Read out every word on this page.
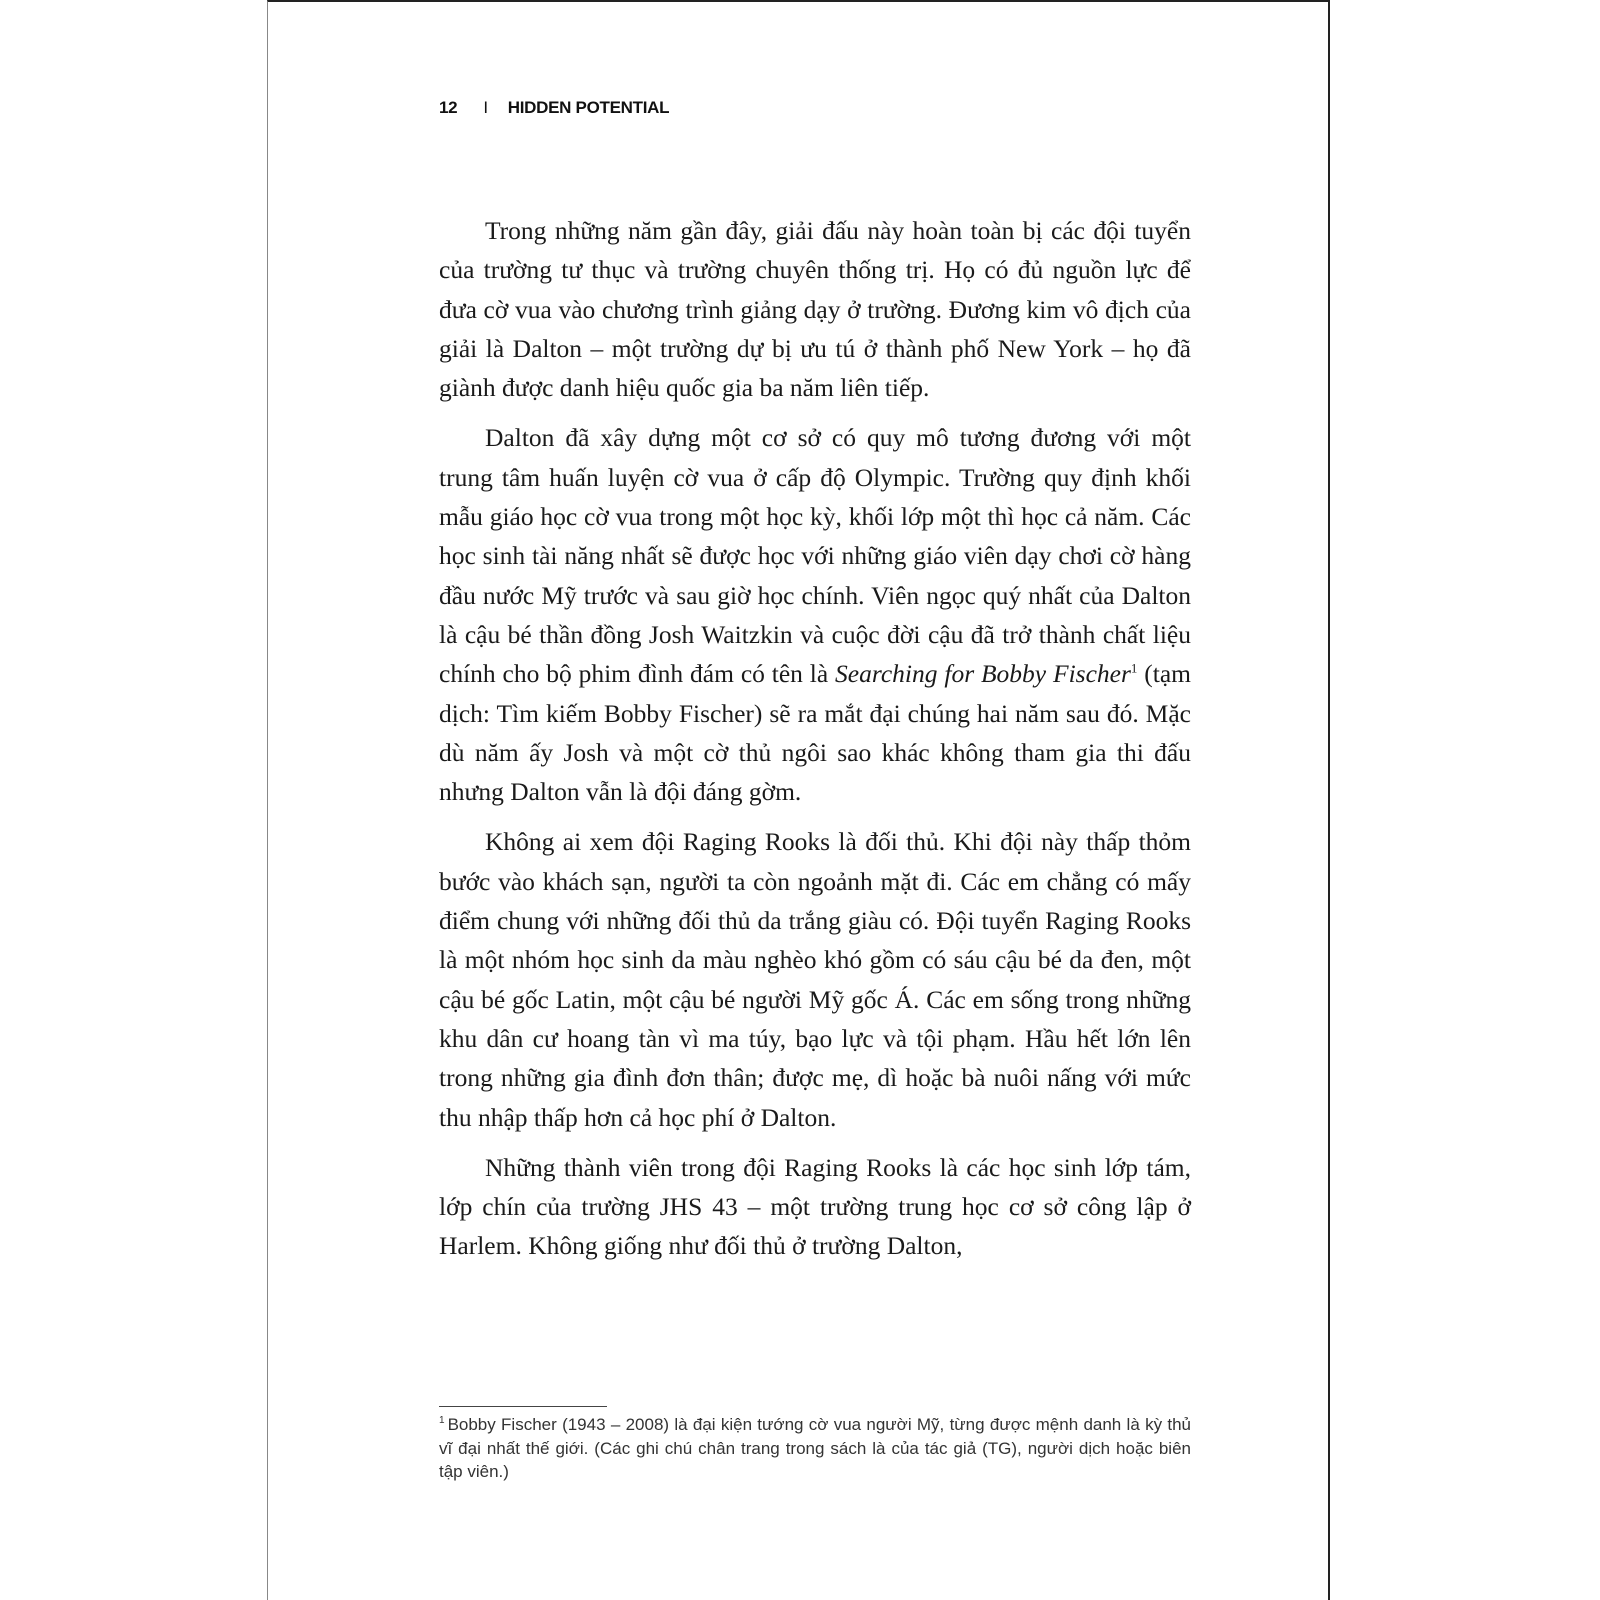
12 I HIDDEN POTENTIAL

Trong những năm gần đây, giải đấu này hoàn toàn bị các đội tuyển của trường tư thục và trường chuyên thống trị. Họ có đủ nguồn lực để đưa cờ vua vào chương trình giảng dạy ở trường. Đương kim vô địch của giải là Dalton – một trường dự bị ưu tú ở thành phố New York – họ đã giành được danh hiệu quốc gia ba năm liên tiếp.

Dalton đã xây dựng một cơ sở có quy mô tương đương với một trung tâm huấn luyện cờ vua ở cấp độ Olympic. Trường quy định khối mẫu giáo học cờ vua trong một học kỳ, khối lớp một thì học cả năm. Các học sinh tài năng nhất sẽ được học với những giáo viên dạy chơi cờ hàng đầu nước Mỹ trước và sau giờ học chính. Viên ngọc quý nhất của Dalton là cậu bé thần đồng Josh Waitzkin và cuộc đời cậu đã trở thành chất liệu chính cho bộ phim đình đám có tên là Searching for Bobby Fischer$^1$ (tạm dịch: Tìm kiếm Bobby Fischer) sẽ ra mắt đại chúng hai năm sau đó. Mặc dù năm ấy Josh và một cờ thủ ngôi sao khác không tham gia thi đấu nhưng Dalton vẫn là đội đáng gờm.

Không ai xem đội Raging Rooks là đối thủ. Khi đội này thấp thỏm bước vào khách sạn, người ta còn ngoảnh mặt đi. Các em chẳng có mấy điểm chung với những đối thủ da trắng giàu có. Đội tuyển Raging Rooks là một nhóm học sinh da màu nghèo khó gồm có sáu cậu bé da đen, một cậu bé gốc Latin, một cậu bé người Mỹ gốc Á. Các em sống trong những khu dân cư hoang tàn vì ma túy, bạo lực và tội phạm. Hầu hết lớn lên trong những gia đình đơn thân; được mẹ, dì hoặc bà nuôi nấng với mức thu nhập thấp hơn cả học phí ở Dalton.

Những thành viên trong đội Raging Rooks là các học sinh lớp tám, lớp chín của trường JHS 43 – một trường trung học cơ sở công lập ở Harlem. Không giống như đối thủ ở trường Dalton,

$^1$ Bobby Fischer (1943 – 2008) là đại kiện tướng cờ vua người Mỹ, từng được mệnh danh là kỳ thủ vĩ đại nhất thế giới. (Các ghi chú chân trang trong sách là của tác giả (TG), người dịch hoặc biên tập viên.)
